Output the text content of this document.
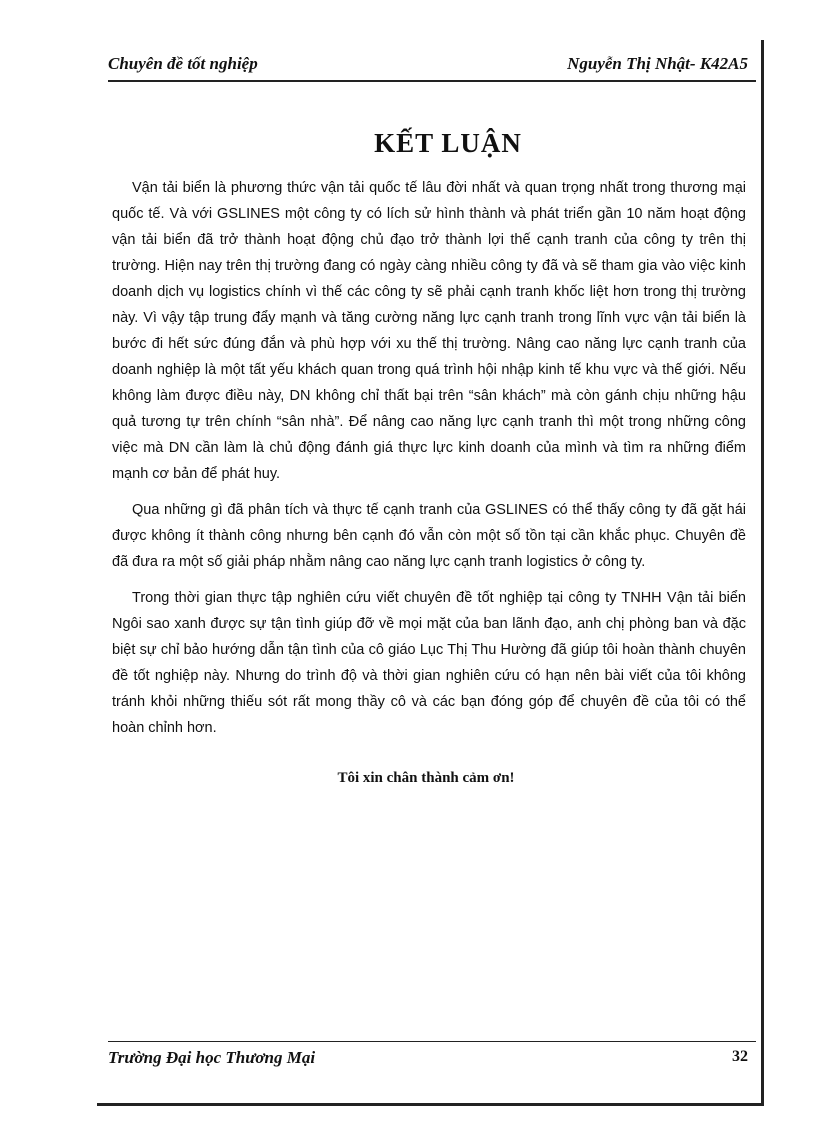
Chuyên đề tốt nghiệp	Nguyễn Thị Nhật- K42A5
KẾT LUẬN

Vận tải biển là phương thức vận tải quốc tế lâu đời nhất và quan trọng nhất trong thương mại quốc tế. Và với GSLINES một công ty có lích sử hình thành và phát triển gần 10 năm hoạt động vận tải biển đã trở thành hoạt động chủ đạo trở thành lợi thế cạnh tranh của công ty trên thị trường. Hiện nay trên thị trường đang có ngày càng nhiều công ty đã và sẽ tham gia vào việc kinh doanh dịch vụ logistics chính vì thế các công ty sẽ phải cạnh tranh khốc liệt hơn trong thị trường này. Vì vậy tập trung đẩy mạnh và tăng cường năng lực cạnh tranh trong lĩnh vực vận tải biển là bước đi hết sức đúng đắn và phù hợp với xu thế thị trường. Nâng cao năng lực cạnh tranh của doanh nghiệp là một tất yếu khách quan trong quá trình hội nhập kinh tế khu vực và thế giới. Nếu không làm được điều này, DN không chỉ thất bại trên “sân khách” mà còn gánh chịu những hậu quả tương tự trên chính “sân nhà”. Để nâng cao năng lực cạnh tranh thì một trong những công việc mà DN cần làm là chủ động đánh giá thực lực kinh doanh của mình và tìm ra những điểm mạnh cơ bản để phát huy.

Qua những gì đã phân tích và thực tế cạnh tranh của GSLINES có thể thấy công ty đã gặt hái được không ít thành công nhưng bên cạnh đó vẫn còn một số tồn tại cần khắc phục. Chuyên đề đã đưa ra một số giải pháp nhằm nâng cao năng lực cạnh tranh logistics ở công ty.

Trong thời gian thực tập nghiên cứu viết chuyên đề tốt nghiệp tại công ty TNHH Vận tải biển Ngôi sao xanh được sự tận tình giúp đỡ về mọi mặt của ban lãnh đạo, anh chị phòng ban và đặc biệt sự chỉ bảo hướng dẫn tận tình của cô giáo Lục Thị Thu Hường đã giúp tôi hoàn thành chuyên đề tốt nghiệp này. Nhưng do trình độ và thời gian nghiên cứu có hạn nên bài viết của tôi không tránh khỏi những thiếu sót rất mong thầy cô và các bạn đóng góp để chuyên đề của tôi có thể hoàn chỉnh hơn.

Tôi xin chân thành cảm ơn!
Trường Đại học Thương Mại	32
